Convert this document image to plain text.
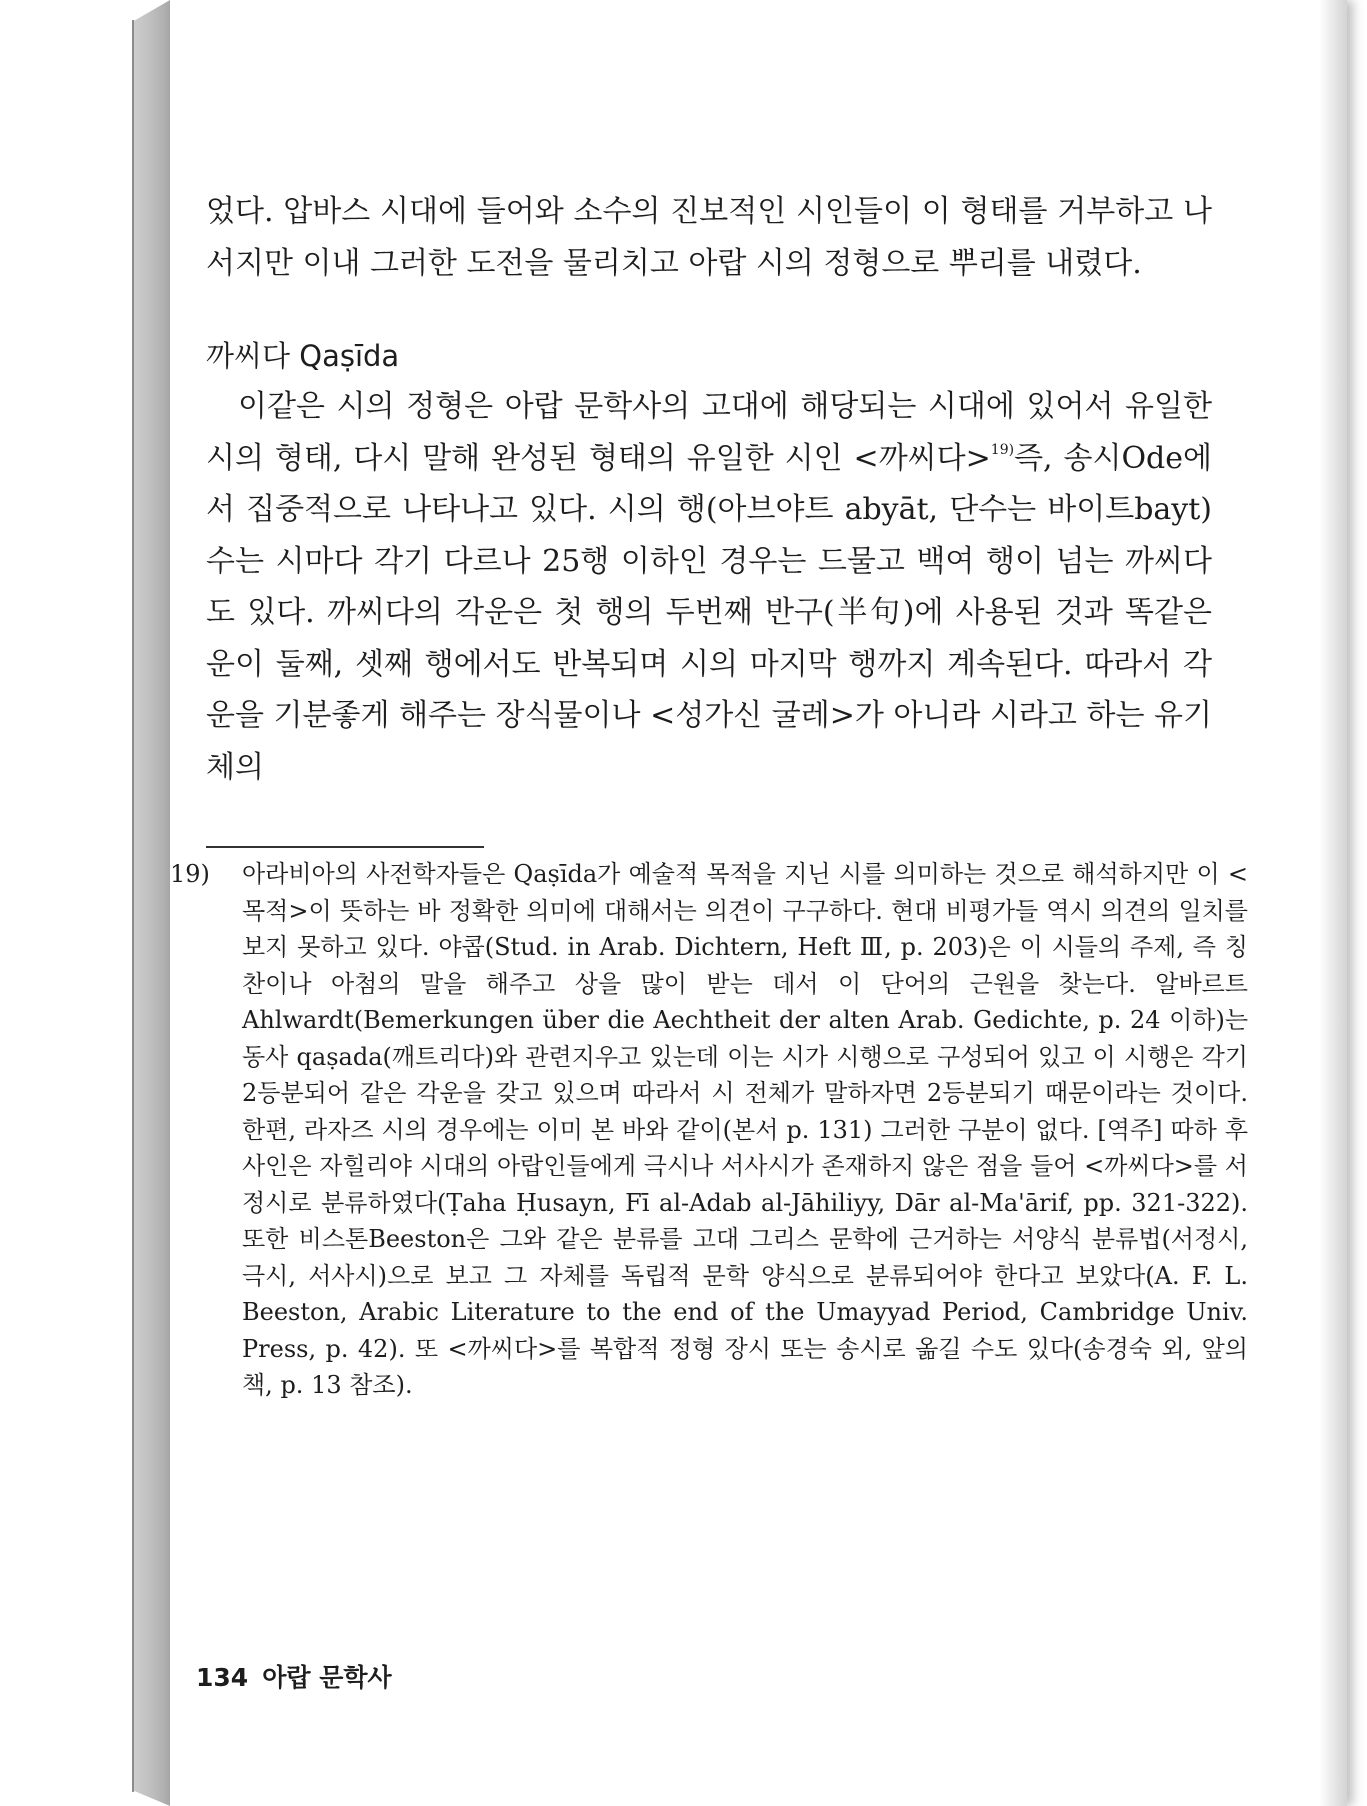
었다. 압바스 시대에 들어와 소수의 진보적인 시인들이 이 형태를 거부하고 나서지만 이내 그러한 도전을 물리치고 아랍 시의 정형으로 뿌리를 내렸다.

까씨다 Qaṣīda

이같은 시의 정형은 아랍 문학사의 고대에 해당되는 시대에 있어서 유일한 시의 형태, 다시 말해 완성된 형태의 유일한 시인 <까씨다>$^{19)}$즉, 송시Ode에서 집중적으로 나타나고 있다. 시의 행(아브야트 abyāt, 단수는 바이트bayt) 수는 시마다 각기 다르나 25행 이하인 경우는 드물고 백여 행이 넘는 까씨다도 있다. 까씨다의 각운은 첫 행의 두번째 반구(半句)에 사용된 것과 똑같은 운이 둘째, 셋째 행에서도 반복되며 시의 마지막 행까지 계속된다. 따라서 각운을 기분좋게 해주는 장식물이나 <성가신 굴레>가 아니라 시라고 하는 유기체의

19) 아라비아의 사전학자들은 Qaṣīda가 예술적 목적을 지닌 시를 의미하는 것으로 해석하지만 이 <목적>이 뜻하는 바 정확한 의미에 대해서는 의견이 구구하다. 현대 비평가들 역시 의견의 일치를 보지 못하고 있다. 야콥(Stud. in Arab. Dichtern, Heft Ⅲ, p. 203)은 이 시들의 주제, 즉 칭찬이나 아첨의 말을 해주고 상을 많이 받는 데서 이 단어의 근원을 찾는다. 알바르트Ahlwardt(Bemerkungen über die Aechtheit der alten Arab. Gedichte, p. 24 이하)는 동사 qaṣada(깨트리다)와 관련지우고 있는데 이는 시가 시행으로 구성되어 있고 이 시행은 각기 2등분되어 같은 각운을 갖고 있으며 따라서 시 전체가 말하자면 2등분되기 때문이라는 것이다. 한편, 라자즈 시의 경우에는 이미 본 바와 같이(본서 p. 131) 그러한 구분이 없다. [역주] 따하 후사인은 자힐리야 시대의 아랍인들에게 극시나 서사시가 존재하지 않은 점을 들어 <까씨다>를 서정시로 분류하였다(Ṭaha Ḥusayn, Fī al-Adab al-Jāhiliyy, Dār al-Ma'ārif, pp. 321-322). 또한 비스톤Beeston은 그와 같은 분류를 고대 그리스 문학에 근거하는 서양식 분류법(서정시, 극시, 서사시)으로 보고 그 자체를 독립적 문학 양식으로 분류되어야 한다고 보았다(A. F. L. Beeston, Arabic Literature to the end of the Umayyad Period, Cambridge Univ. Press, p. 42). 또 <까씨다>를 복합적 정형 장시 또는 송시로 옮길 수도 있다(송경숙 외, 앞의 책, p. 13 참조).
134 아랍 문학사
